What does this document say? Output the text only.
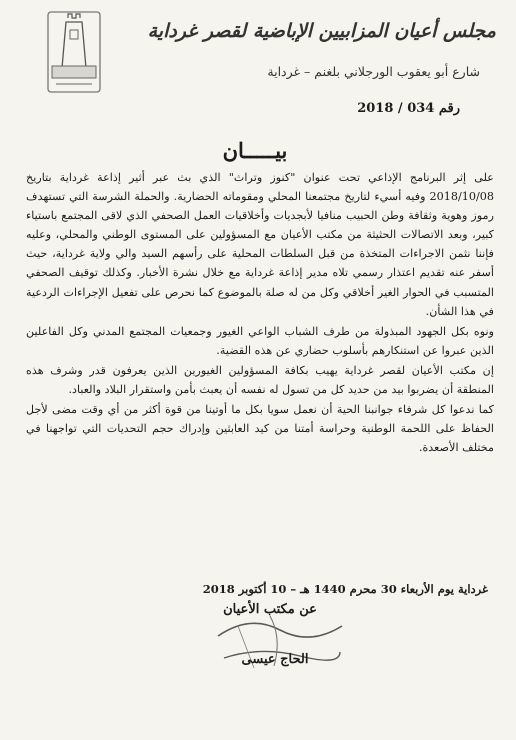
مجلس أعيان المزابيين الإباضية لقصر غرداية
شارع أبو يعقوب الورجلاني بلغنم – غرداية
رقم 034 / 2018
بيـــــان

على إثر البرنامج الإذاعي تحت عنوان "كنوز وتراث" الذي بث عبر أثير إذاعة غرداية بتاريخ 2018/10/08 وفيه أسيء لتاريخ مجتمعنا المحلي ومقوماته الحضارية. والحملة الشرسة التي تستهدف رموز وهوية وثقافة وطن الحبيب منافيا لأبجديات وأخلاقيات العمل الصحفي الذي لاقى المجتمع باستياء كبير، وبعد الاتصالات الحثيثة من مكتب الأعيان مع المسؤولين على المستوى الوطني والمحلي، وعليه فإننا نثمن الاجراءات المتخذة من قبل السلطات المحلية على رأسهم السيد والي ولاية غرداية، حيث أسفر عنه تقديم اعتذار رسمي تلاه مدير إذاعة غرداية مع خلال نشرة الأخبار. وكذلك توقيف الصحفي المتسبب في الحوار الغير أخلاقي وكل من له صلة بالموضوع كما نحرص على تفعيل الإجراءات الردعية في هذا الشأن.

ونوه بكل الجهود المبذولة من طرف الشباب الواعي الغيور وجمعيات المجتمع المدني وكل الفاعلين الذين عبروا عن استنكارهم بأسلوب حضاري عن هذه القضية.

إن مكتب الأعيان لقصر غرداية يهيب بكافة المسؤولين الغيورين الذين يعرفون قدر وشرف هذه المنطقة أن يضربوا بيد من حديد كل من تسول له نفسه أن يعبث بأمن واستقرار البلاد والعباد.

كما ندعوا كل شرفاء جوانبنا الحية أن نعمل سويا بكل ما أوتينا من قوة أكثر من أي وقت مضى لأجل الحفاظ على اللحمة الوطنية وحراسة أمتنا من كيد العابثين وإدراك حجم التحديات التي تواجهنا في مختلف الأصعدة.

غرداية يوم الأربعاء 30 محرم 1440 هـ – 10 أكتوبر 2018
عن مكتب الأعيان
الحاج عيسى
